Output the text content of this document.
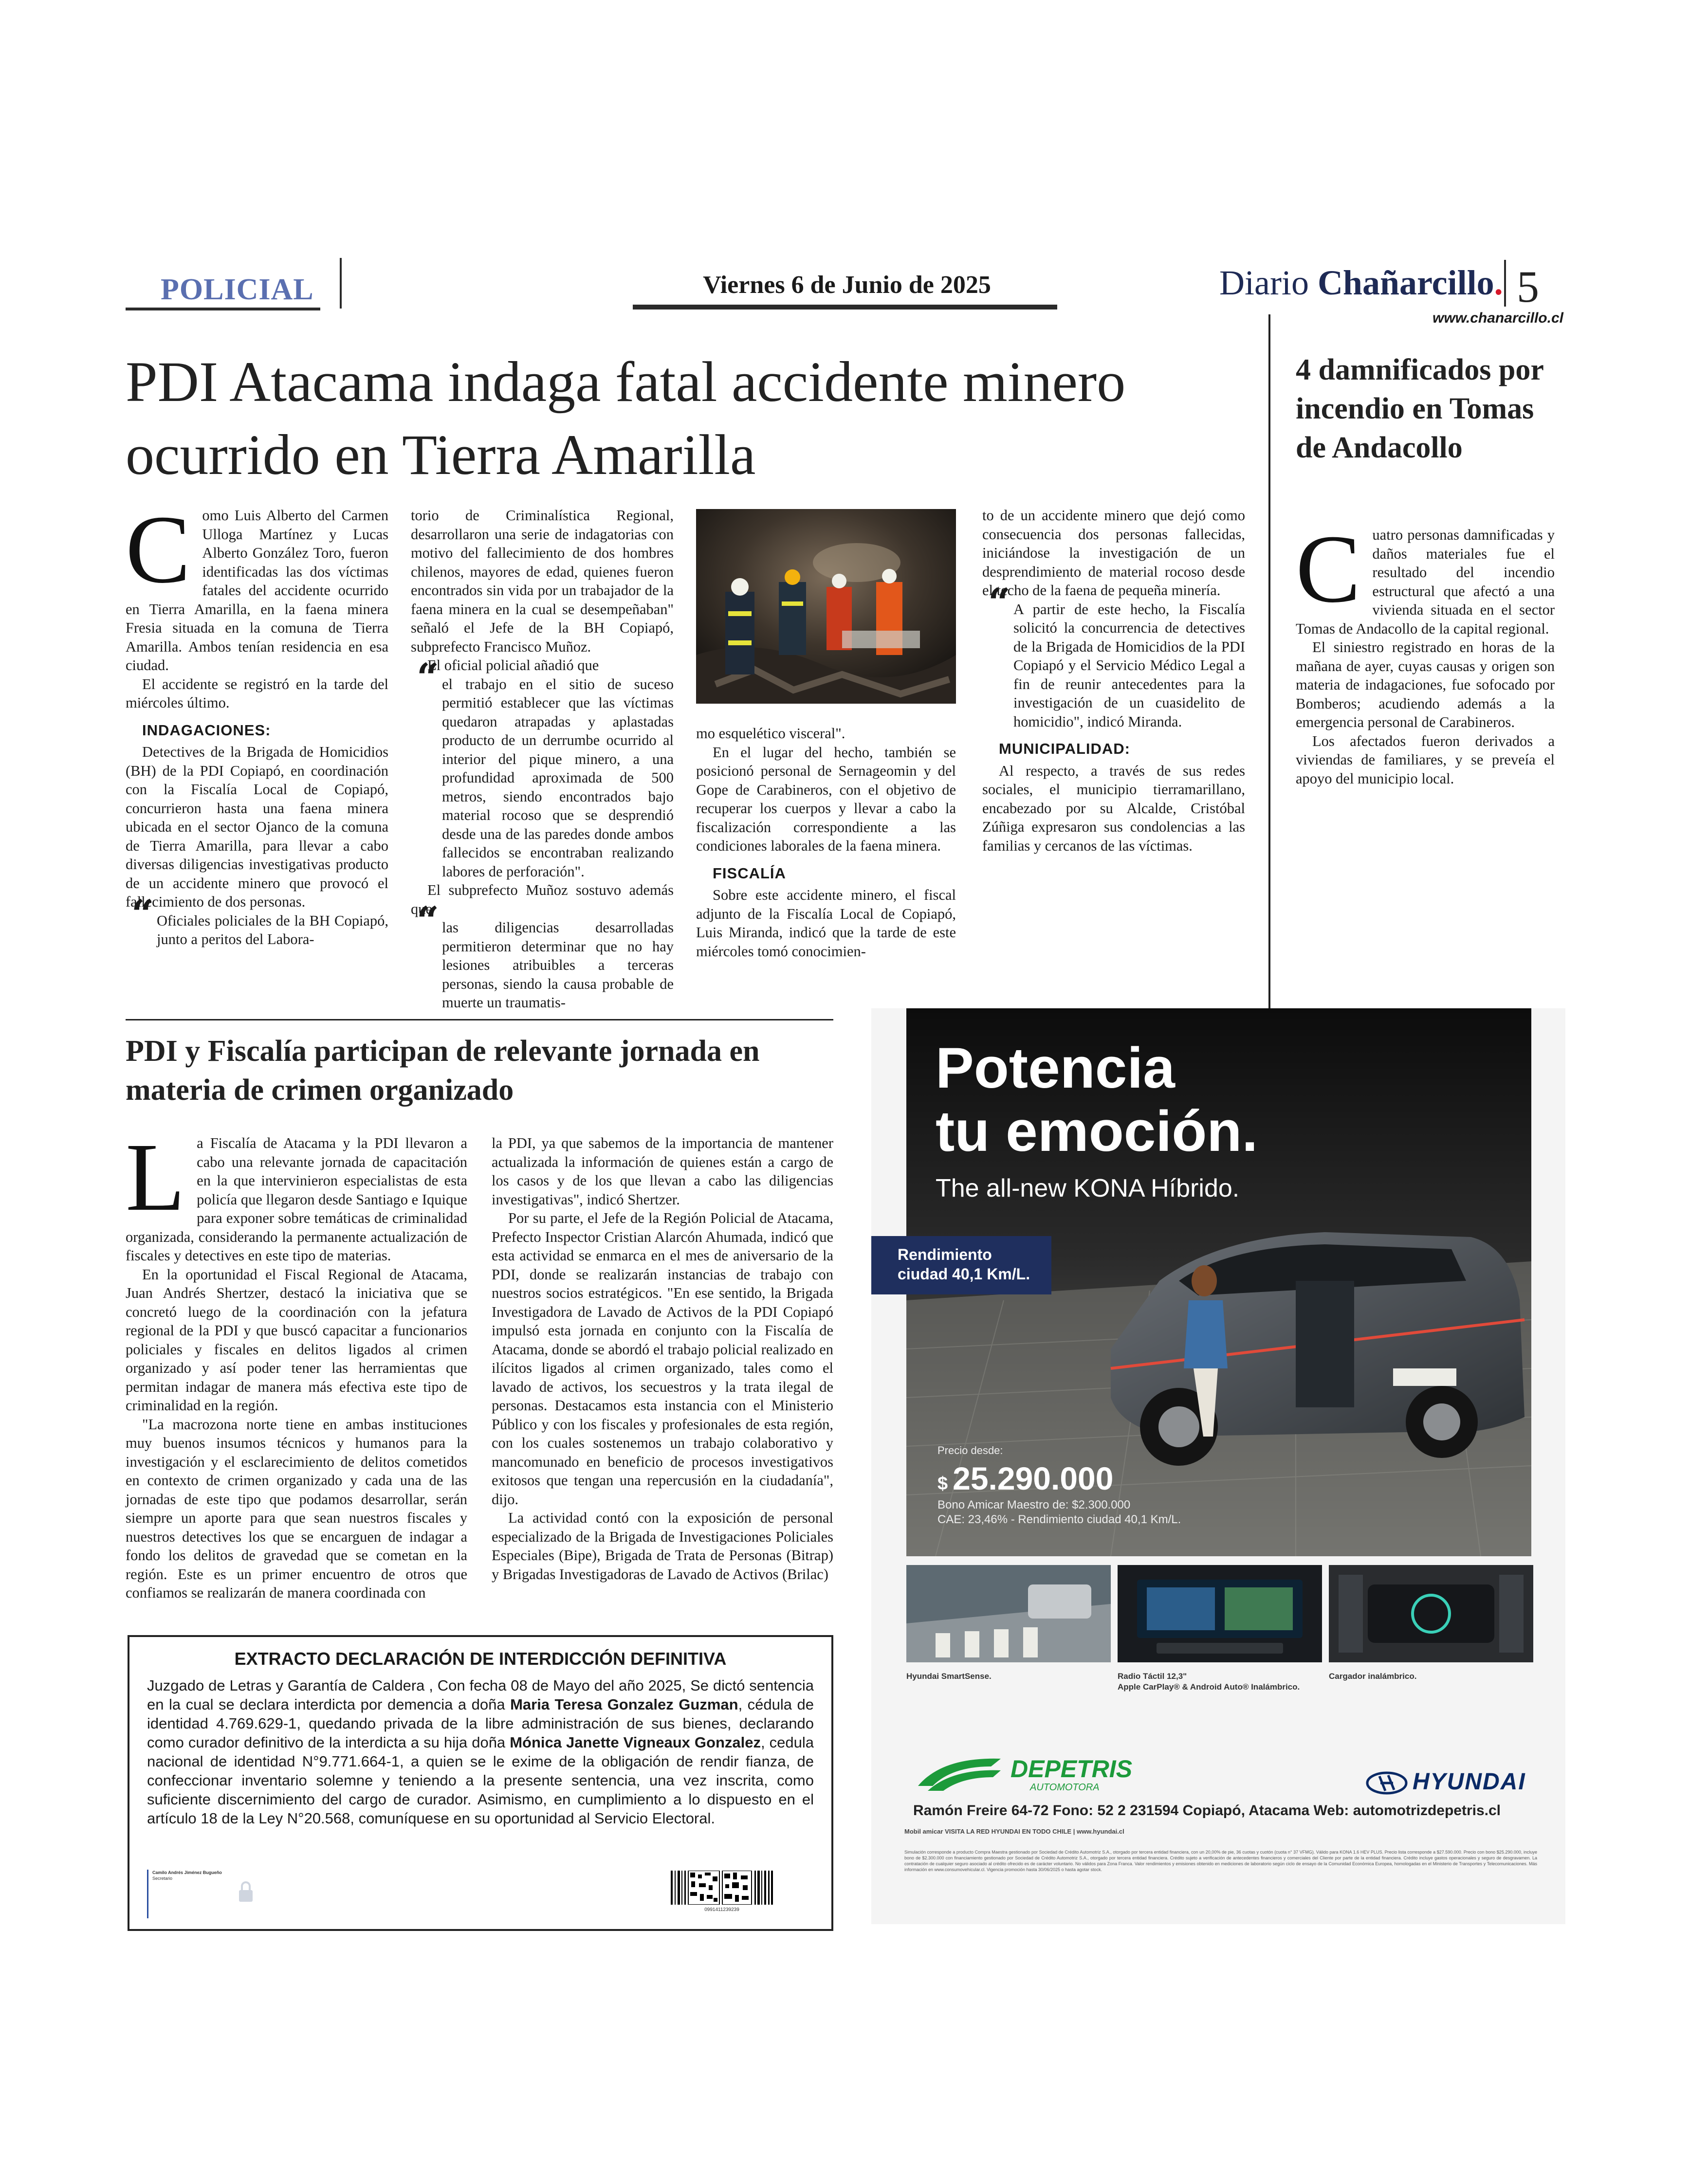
POLICIAL	Viernes 6 de Junio de 2025	Diario Chañarcillo. 5
www.chanarcillo.cl
PDI Atacama indaga fatal accidente minero ocurrido en Tierra Amarilla

Como Luis Alberto del Carmen Ulloga Martínez y Lucas Alberto González Toro, fueron identificadas las dos víctimas fatales del accidente ocurrido en Tierra Amarilla, en la faena minera Fresia situada en la comuna de Tierra Amarilla. Ambos tenían residencia en esa ciudad.

El accidente se registró en la tarde del miércoles último.

INDAGACIONES:

Detectives de la Brigada de Homicidios (BH) de la PDI Copiapó, en coordinación con la Fiscalía Local de Copiapó, concurrieron hasta una faena minera ubicada en el sector Ojanco de la comuna de Tierra Amarilla, para llevar a cabo diversas diligencias investigativas producto de un accidente minero que provocó el fallecimiento de dos personas.

“ Oficiales policiales de la BH Copiapó, junto a peritos del Labora-

torio de Criminalística Regional, desarrollaron una serie de indagatorias con motivo del fallecimiento de dos hombres chilenos, mayores de edad, quienes fueron encontrados sin vida por un trabajador de la faena minera en la cual se desempeñaban" señaló el Jefe de la BH Copiapó, subprefecto Francisco Muñoz.

El oficial policial añadió que

“ el trabajo en el sitio de suceso permitió establecer que las víctimas quedaron atrapadas y aplastadas producto de un derrumbe ocurrido al interior del pique minero, a una profundidad aproximada de 500 metros, siendo encontrados bajo material rocoso que se desprendió desde una de las paredes donde ambos fallecidos se encontraban realizando labores de perforación".

El subprefecto Muñoz sostuvo además que

“ las diligencias desarrolladas permitieron determinar que no hay lesiones atribuibles a terceras personas, siendo la causa probable de muerte un traumatis-

mo esquelético visceral".

En el lugar del hecho, también se posicionó personal de Sernageomin y del Gope de Carabineros, con el objetivo de recuperar los cuerpos y llevar a cabo la fiscalización correspondiente a las condiciones laborales de la faena minera.

FISCALÍA

Sobre este accidente minero, el fiscal adjunto de la Fiscalía Local de Copiapó, Luis Miranda, indicó que la tarde de este miércoles tomó conocimien-

to de un accidente minero que dejó como consecuencia dos personas fallecidas, iniciándose la investigación de un desprendimiento de material rocoso desde el techo de la faena de pequeña minería.

“ A partir de este hecho, la Fiscalía solicitó la concurrencia de detectives de la Brigada de Homicidios de la PDI Copiapó y el Servicio Médico Legal a fin de reunir antecedentes para la investigación de un cuasidelito de homicidio", indicó Miranda.

MUNICIPALIDAD:

Al respecto, a través de sus redes sociales, el municipio tierramarillano, encabezado por su Alcalde, Cristóbal Zúñiga expresaron sus condolencias a las familias y cercanos de las víctimas.

4 damnificados por incendio en Tomas de Andacollo

Cuatro personas damnificadas y daños materiales fue el resultado del incendio estructural que afectó a una vivienda situada en el sector Tomas de Andacollo de la capital regional.

El siniestro registrado en horas de la mañana de ayer, cuyas causas y origen son materia de indagaciones, fue sofocado por Bomberos; acudiendo además a la emergencia personal de Carabineros.

Los afectados fueron derivados a viviendas de familiares, y se preveía el apoyo del municipio local.

PDI y Fiscalía participan de relevante jornada en materia de crimen organizado

La Fiscalía de Atacama y la PDI llevaron a cabo una relevante jornada de capacitación en la que intervinieron especialistas de esta policía que llegaron desde Santiago e Iquique para exponer sobre temáticas de criminalidad organizada, considerando la permanente actualización de fiscales y detectives en este tipo de materias.

En la oportunidad el Fiscal Regional de Atacama, Juan Andrés Shertzer, destacó la iniciativa que se concretó luego de la coordinación con la jefatura regional de la PDI y que buscó capacitar a funcionarios policiales y fiscales en delitos ligados al crimen organizado y así poder tener las herramientas que permitan indagar de manera más efectiva este tipo de criminalidad en la región.

"La macrozona norte tiene en ambas instituciones muy buenos insumos técnicos y humanos para la investigación y el esclarecimiento de delitos cometidos en contexto de crimen organizado y cada una de las jornadas de este tipo que podamos desarrollar, serán siempre un aporte para que sean nuestros fiscales y nuestros detectives los que se encarguen de indagar a fondo los delitos de gravedad que se cometan en la región. Este es un primer encuentro de otros que confiamos se realizarán de manera coordinada con

la PDI, ya que sabemos de la importancia de mantener actualizada la información de quienes están a cargo de los casos y de los que llevan a cabo las diligencias investigativas", indicó Shertzer.

Por su parte, el Jefe de la Región Policial de Atacama, Prefecto Inspector Cristian Alarcón Ahumada, indicó que esta actividad se enmarca en el mes de aniversario de la PDI, donde se realizarán instancias de trabajo con nuestros socios estratégicos. "En ese sentido, la Brigada Investigadora de Lavado de Activos de la PDI Copiapó impulsó esta jornada en conjunto con la Fiscalía de Atacama, donde se abordó el trabajo policial realizado en ilícitos ligados al crimen organizado, tales como el lavado de activos, los secuestros y la trata ilegal de personas. Destacamos esta instancia con el Ministerio Público y con los fiscales y profesionales de esta región, con los cuales sostenemos un trabajo colaborativo y mancomunado en beneficio de procesos investigativos exitosos que tengan una repercusión en la ciudadanía", dijo.

La actividad contó con la exposición de personal especializado de la Brigada de Investigaciones Policiales Especiales (Bipe), Brigada de Trata de Personas (Bitrap) y Brigadas Investigadoras de Lavado de Activos (Brilac)

EXTRACTO DECLARACIÓN DE INTERDICCIÓN DEFINITIVA
Juzgado de Letras y Garantía de Caldera , Con fecha 08 de Mayo del año 2025, Se dictó sentencia en la cual se declara interdicta por demencia a doña Maria Teresa Gonzalez Guzman, cédula de identidad 4.769.629-1, quedando privada de la libre administración de sus bienes, declarando como curador definitivo de la interdicta a su hija doña Mónica Janette Vigneaux Gonzalez, cedula nacional de identidad N°9.771.664-1, a quien se le exime de la obligación de rendir fianza, de confeccionar inventario solemne y teniendo a la presente sentencia, una vez inscrita, como suficiente discernimiento del cargo de curador. Asimismo, en cumplimiento a lo dispuesto en el artículo 18 de la Ley N°20.568, comuníquese en su oportunidad al Servicio Electoral.
Camilo Andrés Jiménez Bugueño
Secretario
0991411239239
Potencia
tu emoción.
The all-new KONA Híbrido.
Rendimiento
ciudad 40,1 Km/L.
Precio desde:
$ 25.290.000
Bono Amicar Maestro de: $2.300.000
CAE: 23,46% - Rendimiento ciudad 40,1 Km/L.
Hyundai SmartSense.	Radio Táctil 12,3"
Apple CarPlay® & Android Auto® Inalámbrico.
Cargador inalámbrico.
DEPETRIS
AUTOMOTORA	HYUNDAI
Ramón Freire 64-72 Fono: 52 2 231594 Copiapó, Atacama Web: automotrizdepetris.cl
Mobil amicar VISITA LA RED HYUNDAI EN TODO CHILE | www.hyundai.cl
Simulación corresponde a producto Compra Maestra gestionado por Sociedad de Crédito Automotriz S.A., otorgado por tercera entidad financiera, con un 20,00% de pie, 36 cuotas y cuotón (cuota n° 37 VFMG). Válido para KONA 1.6 HEV PLUS. Precio lista corresponde a $27.590.000. Precio con bono $25.290.000, incluye bono de $2.300.000 con financiamiento gestionado por Sociedad de Crédito Automotriz S.A., otorgado por tercera entidad financiera. Crédito sujeto a verificación de antecedentes financieros y comerciales del Cliente por parte de la entidad financiera. Crédito incluye gastos operacionales y seguro de desgravamen. La contratación de cualquier seguro asociado al crédito ofrecido es de carácter voluntario. No válidos para Zona Franca. Valor rendimientos y emisiones obtenido en mediciones de laboratorio según ciclo de ensayo de la Comunidad Económica Europea, homologadas en el Ministerio de Transportes y Telecomunicaciones. Más información en www.consumovehicular.cl. Vigencia promoción hasta 30/06/2025 o hasta agotar stock.
